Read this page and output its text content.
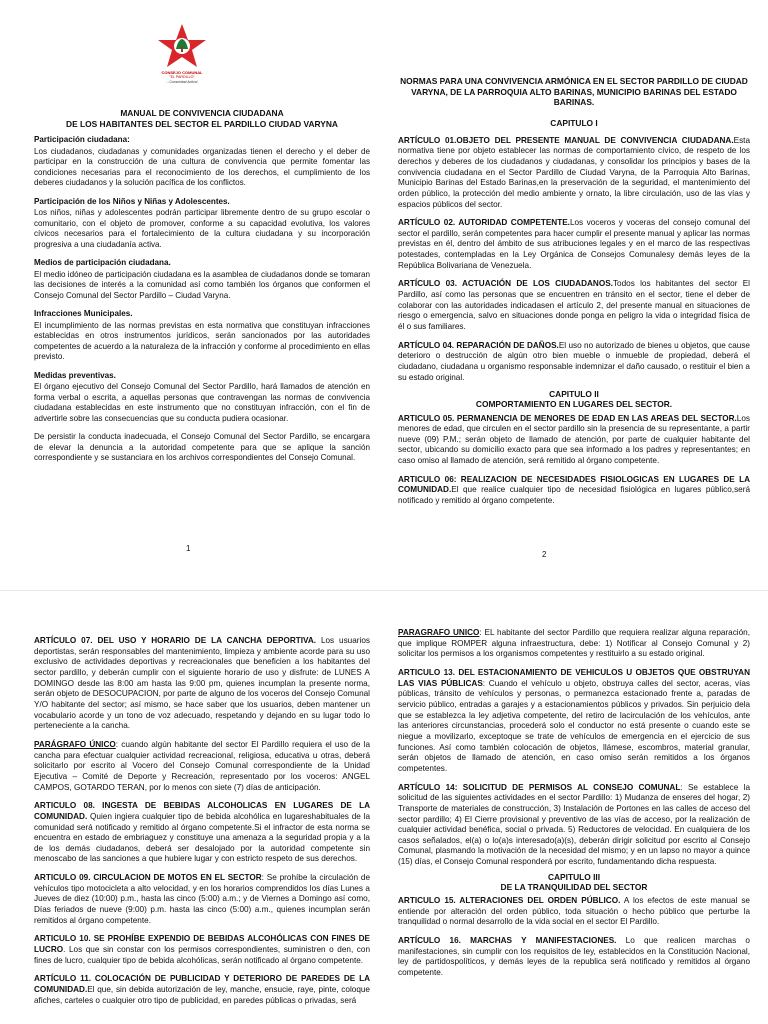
CONSEJO COMUNAL
"EL PARDILLO"
...Comunidad Activa!
MANUAL DE CONVIVENCIA CIUDADANA
DE LOS HABITANTES DEL SECTOR EL PARDILLO CIUDAD VARYNA

Participación ciudadana:
Los ciudadanos, ciudadanas y comunidades organizadas tienen el derecho y el deber de participar en la construcción de una cultura de convivencia que permite fomentar las condiciones necesarias para el reconocimiento de los derechos, el cumplimiento de los deberes ciudadanos y la solución pacífica de los conflictos.

Participación de los Niños y Niñas y Adolescentes.
Los niños, niñas y adolescentes podrán participar libremente dentro de su grupo escolar o comunitario, con el objeto de promover, conforme a su capacidad evolutiva, los valores cívicos necesarios para el fortalecimiento de la cultura ciudadana y su incorporación progresiva a una ciudadanía activa.

Medios de participación ciudadana.
El medio idóneo de participación ciudadana es la asamblea de ciudadanos donde se tomaran las decisiones de interés a la comunidad así como también los órganos que conformen el Consejo Comunal del Sector Pardillo – Ciudad Varyna.

Infracciones Municipales.
El incumplimiento de las normas previstas en esta normativa que constituyan infracciones establecidas en otros instrumentos jurídicos, serán sancionados por las autoridades competentes de acuerdo a la naturaleza de la infracción y conforme al procedimiento en ellas previsto.

Medidas preventivas.
El órgano ejecutivo del Consejo Comunal del Sector Pardillo, hará llamados de atención en forma verbal o escrita, a aquellas personas que contravengan las normas de convivencia ciudadana establecidas en este instrumento que no constituyan infracción, con el fin de advertirle sobre las consecuencias que su conducta pudiera ocasionar.

De persistir la conducta inadecuada, el Consejo Comunal del Sector Pardillo, se encargara de elevar la denuncia a la autoridad competente para que se aplique la sanción correspondiente y se sustanciara en los archivos correspondientes del Consejo Comunal.

1
NORMAS PARA UNA CONVIVENCIA ARMÓNICA EN EL SECTOR PARDILLO DE CIUDAD VARYNA, DE LA PARROQUIA ALTO BARINAS, MUNICIPIO BARINAS DEL ESTADO BARINAS.
CAPITULO I

ARTÍCULO 01.OBJETO DEL PRESENTE MANUAL DE CONVIVENCIA CIUDADANA.Esta normativa tiene por objeto establecer las normas de comportamiento cívico, de respeto de los derechos y deberes de los ciudadanos y ciudadanas, y consolidar los principios y bases de la convivencia ciudadana en el Sector Pardillo de Ciudad Varyna, de la Parroquia Alto Barinas, Municipio Barinas del Estado Barinas,en la preservación de la seguridad, el mantenimiento del orden público, la protección del medio ambiente y ornato, la libre circulación, uso de las vías y espacios públicos del sector.

ARTÍCULO 02. AUTORIDAD COMPETENTE.Los voceros y voceras del consejo comunal del sector el pardillo, serán competentes para hacer cumplir el presente manual y aplicar las normas previstas en él, dentro del ámbito de sus atribuciones legales y en el marco de las respectivas potestades, contempladas en la Ley Orgánica de Consejos Comunalesy demás leyes de la República Bolivariana de Venezuela.

ARTÍCULO 03. ACTUACIÓN DE LOS CIUDADANOS.Todos los habitantes del sector El Pardillo, así como las personas que se encuentren en tránsito en el sector, tiene el deber de colaborar con las autoridades indicadasen el artículo 2, del presente manual en situaciones de riesgo o emergencia, salvo en situaciones donde ponga en peligro la vida o integridad física de él o sus familiares.

ARTÍCULO 04. REPARACIÓN DE DAÑOS.El uso no autorizado de bienes u objetos, que cause deterioro o destrucción de algún otro bien mueble o inmueble de propiedad, deberá el ciudadano, ciudadana u organismo responsable indemnizar el daño causado, o restituir el bien a su estado original.

CAPITULO II
COMPORTAMIENTO EN LUGARES DEL SECTOR.

ARTICULO 05. PERMANENCIA DE MENORES DE EDAD EN LAS AREAS DEL SECTOR.Los menores de edad, que circulen en el sector pardillo sin la presencia de su representante, a partir nueve (09) P.M.; serán objeto de llamado de atención, por parte de cualquier habitante del sector, ubicando su domicilio exacto para que sea informado a los padres y representantes; en caso omiso al llamado de atención, será remitido al órgano competente.

ARTICULO 06: REALIZACION DE NECESIDADES FISIOLOGICAS EN LUGARES DE LA COMUNIDAD.El que realice cualquier tipo de necesidad fisiológica en lugares público,será notificado y remitido al órgano competente.

2

ARTÍCULO 07. DEL USO Y HORARIO DE LA CANCHA DEPORTIVA. Los usuarios deportistas, serán responsables del mantenimiento, limpieza y ambiente acorde para su uso exclusivo de actividades deportivas y recreacionales que beneficien a los habitantes del sector pardillo, y deberán cumplir con el siguiente horario de uso y disfrute: de LUNES A DOMINGO desde las 8:00 am hasta las 9:00 pm, quienes incumplan la presente norma, serán objeto de DESOCUPACION, por parte de alguno de los voceros del Consejo Comunal Y/O habitante del sector; así mismo, se hace saber que los usuarios, deben mantener un vocabulario acorde y un tono de voz adecuado, respetando y dejando en su lugar todo lo perteneciente a la cancha.

PARÁGRAFO ÚNICO: cuando algún habitante del sector El Pardillo requiera el uso de la cancha para efectuar cualquier actividad recreacional, religiosa, educativa u otras, deberá solicitarlo por escrito al Vocero del Consejo Comunal correspondiente de la Unidad Ejecutiva – Comité de Deporte y Recreación, representado por los voceros: ANGEL CAMPOS, GOTARDO TERAN, por lo menos con siete (7) días de anticipación.

ARTICULO 08. INGESTA DE BEBIDAS ALCOHOLICAS EN LUGARES DE LA COMUNIDAD. Quien ingiera cualquier tipo de bebida alcohólica en lugareshabituales de la comunidad será notificado y remitido al órgano competente.Si el infractor de esta norma se encuentra en estado de embriaguez y constituye una amenaza a la seguridad propia y a la de los demás ciudadanos, deberá ser desalojado por la autoridad competente sin menoscabo de las sanciones a que hubiere lugar y con estricto respeto de sus derechos.

ARTICULO 09. CIRCULACION DE MOTOS EN EL SECTOR: Se prohíbe la circulación de vehículos tipo motocicleta a alto velocidad, y en los horarios comprendidos los días Lunes a Jueves de diez (10:00) p.m., hasta las cinco (5:00) a.m.; y de Viernes a Domingo así como, Días feriados de nueve (9:00) p.m. hasta las cinco (5:00) a.m., quienes incumplan serán remitidos al órgano competente.

ARTICULO 10. SE PROHÍBE EXPENDIO DE BEBIDAS ALCOHÓLICAS CON FINES DE LUCRO. Los que sin constar con los permisos correspondientes, suministren o den, con fines de lucro, cualquier tipo de bebida alcohólicas, serán notificado al órgano competente.

ARTÍCULO 11. COLOCACIÓN DE PUBLICIDAD Y DETERIORO DE PAREDES DE LA COMUNIDAD.El que, sin debida autorización de ley, manche, ensucie, raye, pinte, coloque afiches, carteles o cualquier otro tipo de publicidad, en paredes públicas o privadas, será

PARAGRAFO UNICO: EL habitante del sector Pardillo que requiera realizar alguna reparación, que implique ROMPER alguna infraestructura, debe: 1) Notificar al Consejo Comunal y 2) solicitar los permisos a los organismos competentes y restituirlo a su estado original.

ARTICULO 13. DEL ESTACIONAMIENTO DE VEHICULOS U OBJETOS QUE OBSTRUYAN LAS VIAS PÚBLICAS: Cuando el vehículo u objeto, obstruya calles del sector, aceras, vías públicas, tránsito de vehículos y personas, o permanezca estacionado frente a, paradas de servicio público, entradas a garajes y a estacionamientos públicos y privados. Sin perjuicio dela que se establezca la ley adjetiva competente, del retiro de lacirculación de los vehículos, ante las anteriores circunstancias, procederá solo el conductor no está presente o cuando este se niegue a movilizarlo, exceptoque se trate de vehículos de emergencia en el ejercicio de sus funciones. Así como también colocación de objetos, llámese, escombros, material granular, serán objetos de llamado de atención, en caso omiso serán remitidos a los órganos competentes.

ARTÍCULO 14: SOLICITUD DE PERMISOS AL CONSEJO COMUNAL: Se establece la solicitud de las siguientes actividades en el sector Pardillo: 1) Mudanza de enseres del hogar, 2) Transporte de materiales de construcción, 3) Instalación de Portones en las calles de acceso del sector pardillo; 4) El Cierre provisional y preventivo de las vías de acceso, por la realización de cualquier actividad benéfica, social o privada. 5) Reductores de velocidad. En cualquiera de los casos señalados, el(a) o lo(a)s interesado(a)(s), deberán dirigir solicitud por escrito al Consejo Comunal, plasmando la motivación de la necesidad del mismo; y en un lapso no mayor a quince (15) días, el Consejo Comunal responderá por escrito, fundamentando dicha respuesta.

CAPITULO III
DE LA TRANQUILIDAD DEL SECTOR

ARTICULO 15. ALTERACIONES DEL ORDEN PÚBLICO. A los efectos de este manual se entiende por alteración del orden público, toda situación o hecho público que perturbe la tranquilidad o normal desarrollo de la vida social en el sector El Pardillo.

ARTÍCULO 16. MARCHAS Y MANIFESTACIONES. Lo que realicen marchas o manifestaciones, sin cumplir con los requisitos de ley, establecidos en la Constitución Nacional, ley de partidospolíticos, y demás leyes de la republica será notificado y remitidos al órgano competente.
